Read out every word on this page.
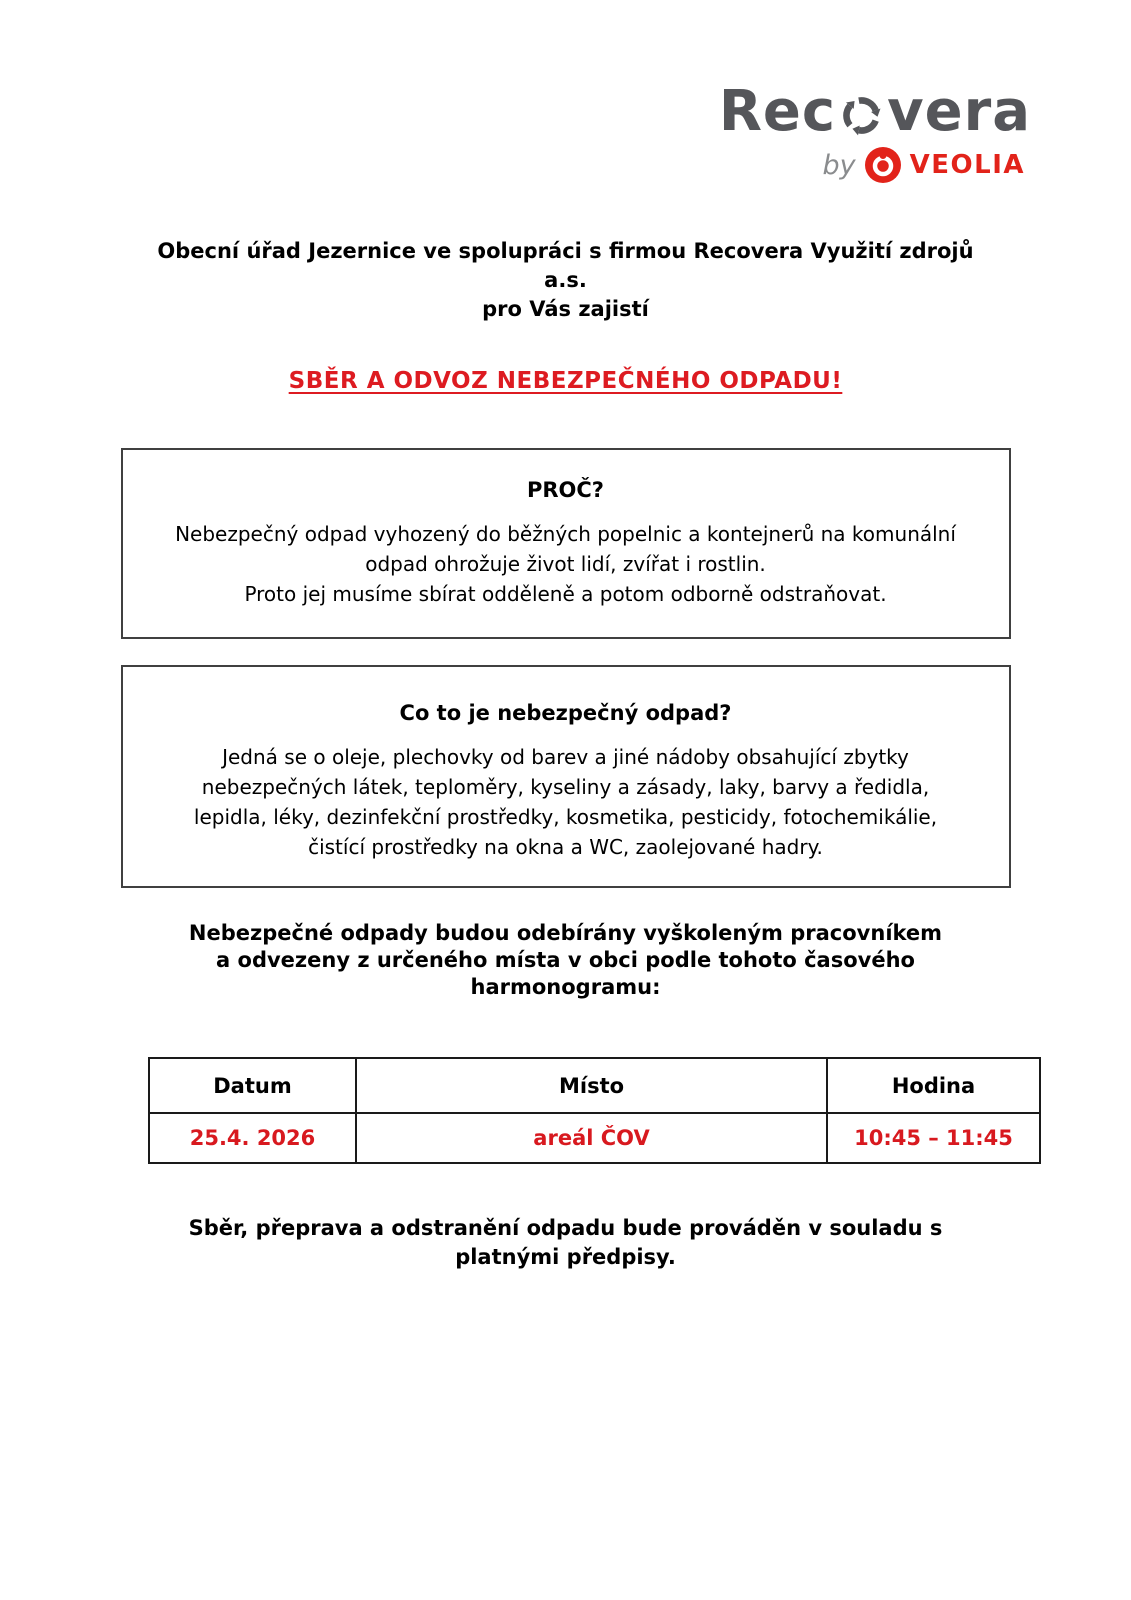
Rec vera
by VEOLIA
Obecní úřad Jezernice ve spolupráci s firmou Recovera Využití zdrojů
a.s.
pro Vás zajistí
SBĚR A ODVOZ NEBEZPEČNÉHO ODPADU!
PROČ?
Nebezpečný odpad vyhozený do běžných popelnic a kontejnerů na komunální
odpad ohrožuje život lidí, zvířat i rostlin.
Proto jej musíme sbírat odděleně a potom odborně odstraňovat.
Co to je nebezpečný odpad?
Jedná se o oleje, plechovky od barev a jiné nádoby obsahující zbytky
nebezpečných látek, teploměry, kyseliny a zásady, laky, barvy a ředidla,
lepidla, léky, dezinfekční prostředky, kosmetika, pesticidy, fotochemikálie,
čistící prostředky na okna a WC, zaolejované hadry.
Nebezpečné odpady budou odebírány vyškoleným pracovníkem
a odvezeny z určeného místa v obci podle tohoto časového
harmonogramu:
Datum	Místo	Hodina
25.4. 2026	areál ČOV	10:45 – 11:45
Sběr, přeprava a odstranění odpadu bude prováděn v souladu s
platnými předpisy.
